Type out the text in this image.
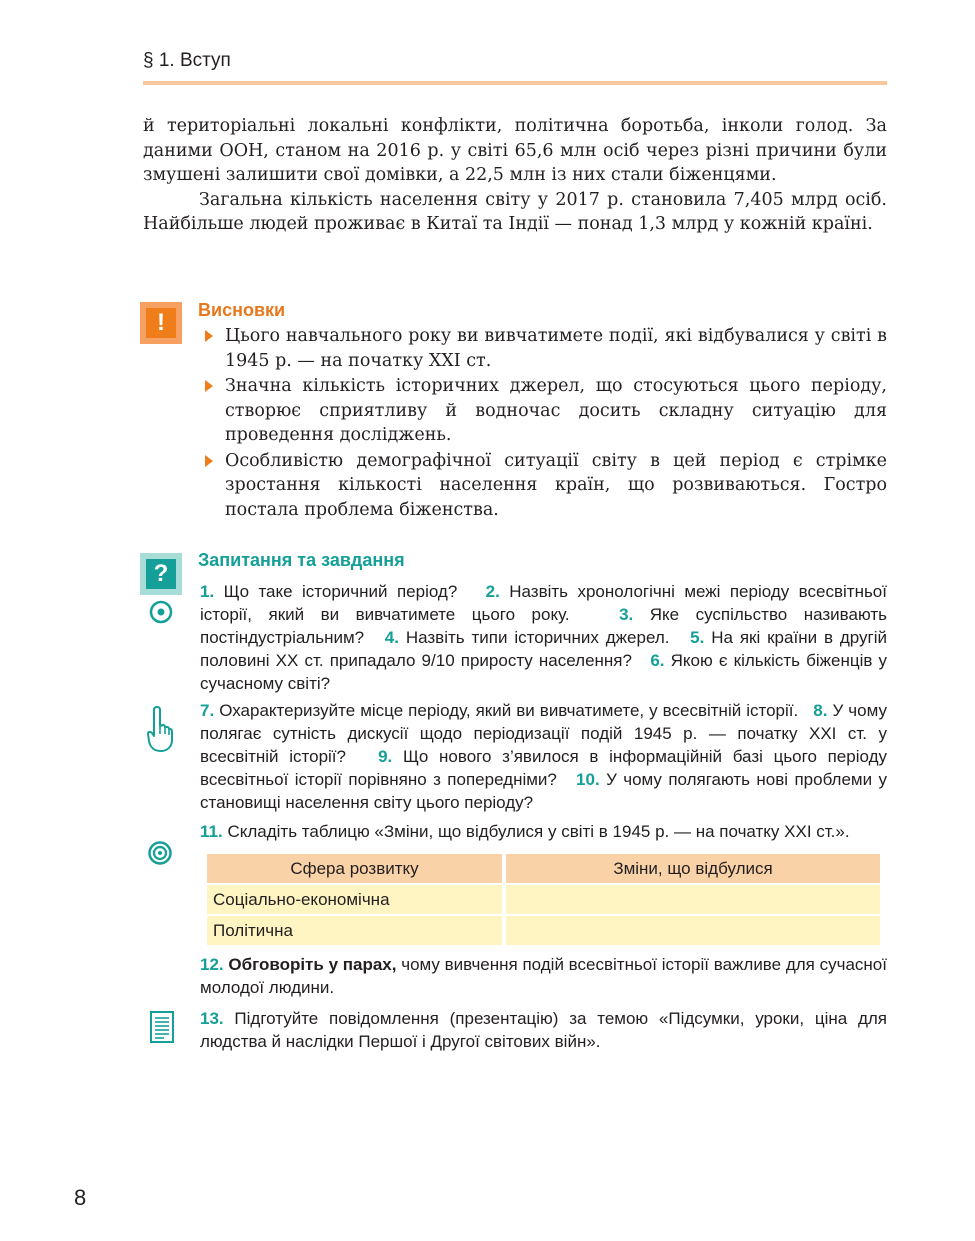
§ 1. Вступ

й територіальні локальні конфлікти, політична боротьба, інколи голод. За даними ООН, станом на 2016 р. у світі 65,6 млн осіб через різні причини були змушені залишити свої домівки, а 22,5 млн із них стали біженцями.

Загальна кількість населення світу у 2017 р. становила 7,405 млрд осіб. Найбільше людей проживає в Китаї та Індії — понад 1,3 млрд у кожній країні.

!	Висновки
Цього навчального року ви вивчатимете події, які відбувалися у світі в 1945 р. — на початку XXI ст.
Значна кількість історичних джерел, що стосуються цього періоду, створює сприятливу й водночас досить складну ситуацію для проведення досліджень.
Особливістю демографічної ситуації світу в цей період є стрімке зростання кількості населення країн, що розвиваються. Гостро постала проблема біженства.
?	Запитання та завдання

1. Що таке історичний період? 2. Назвіть хронологічні межі періоду всесвітньої історії, який ви вивчатимете цього року.	3. Яке суспільство називають постіндустріальним? 4. Назвіть типи історичних джерел. 5. На які країни в другій половині XX ст. припадало 9/10 приросту населення? 6. Якою є кількість біженців у сучасному світі?

7. Охарактеризуйте місце періоду, який ви вивчатимете, у всесвітній історії. 8. У чому полягає сутність дискусії щодо періодизації подій 1945 р. — початку XXI ст. у всесвітній історії? 9. Що нового з’явилося в інформаційній базі цього періоду всесвітньої історії порівняно з попередніми? 10. У чому полягають нові проблеми у становищі населення світу цього періоду?

11. Складіть таблицю «Зміни, що відбулися у світі в 1945 р. — на початку XXI ст.».

Сфера розвитку	Зміни, що відбулися
Соціально-економічна	
Політична	

12. Обговоріть у парах, чому вивчення подій всесвітньої історії важливе для сучасної молодої людини.

13. Підготуйте повідомлення (презентацію) за темою «Підсумки, уроки, ціна для людства й наслідки Першої і Другої світових війн».

8
